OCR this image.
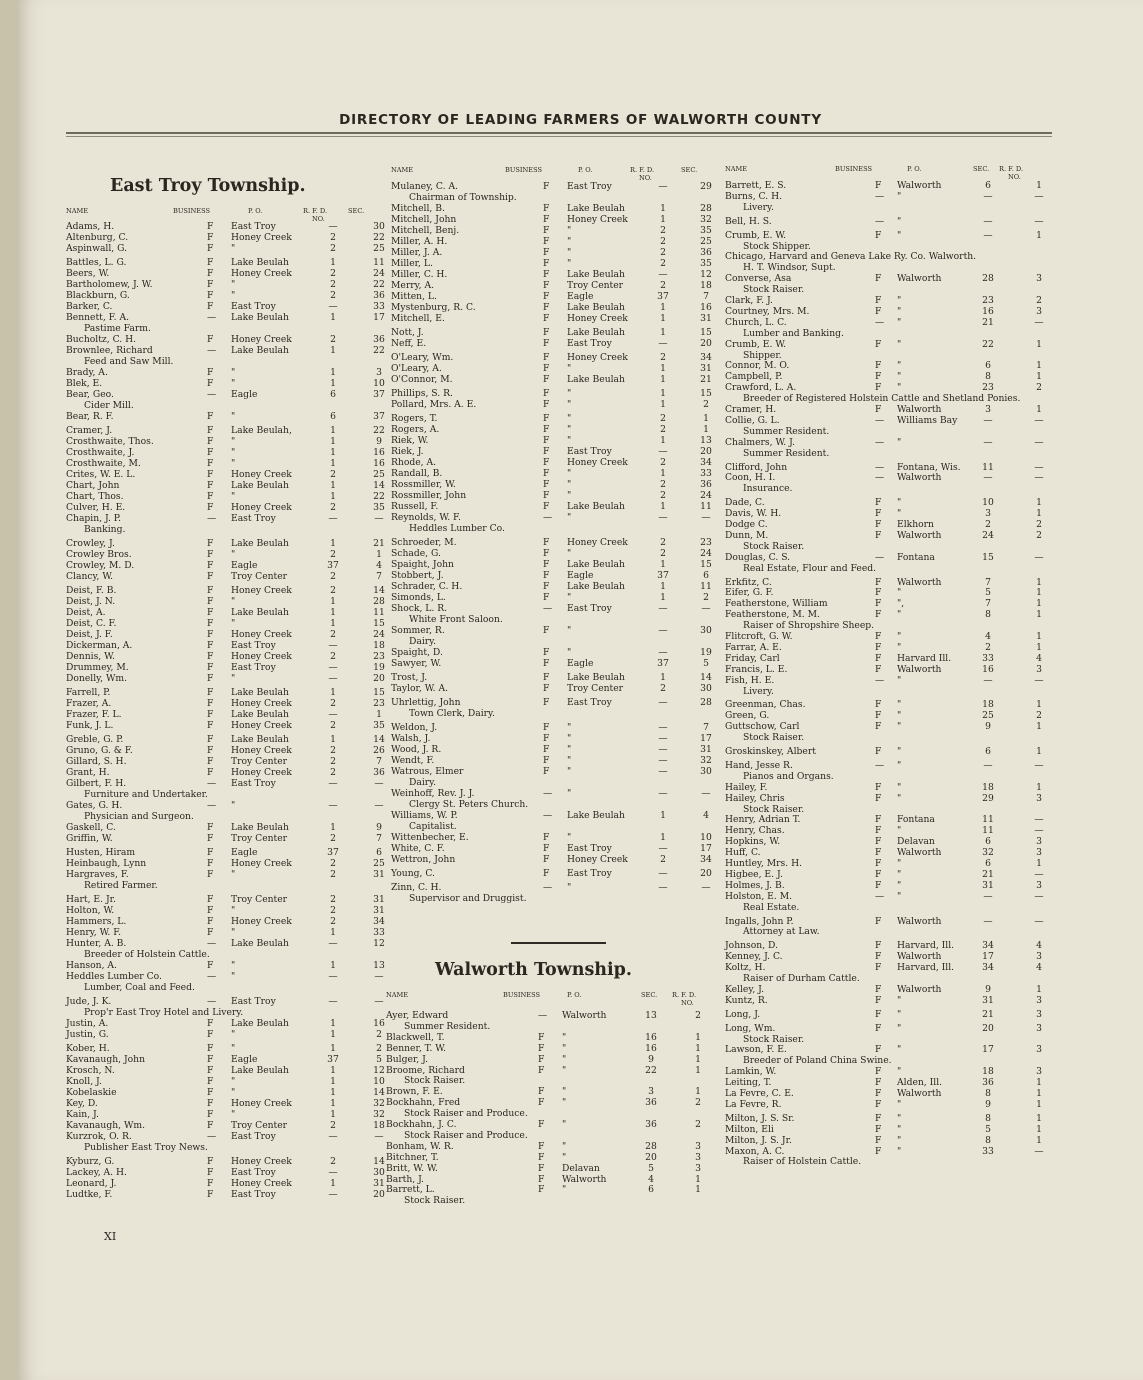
DIRECTORY OF LEADING FARMERS OF WALWORTH COUNTY
East Troy Township.
Walworth Township.
NAME	BUSINESS	P. O.	R. F. D.	SEC.
NO.
NAME	BUSINESS	P. O.	R. F. D.	SEC.
NO.
NAME	BUSINESS	P. O.	SEC. R. F. D.
NO.
NAME	BUSINESS	P. O.	SEC. R. F. D.
NO.
Adams, H.	F East Troy	—	30
Altenburg, C.	F Honey Creek	2	22
Aspinwall, G.	F "	2	25
Battles, L. G.	F Lake Beulah	1	11
Beers, W.	F Honey Creek	2	24
Bartholomew, J. W.	F "	2	22
Blackburn, G.	F "	2	36
Barker, C.	F East Troy	—	33
Bennett, F. A.	— Lake Beulah	1	17
Pastime Farm.
Bucholtz, C. H.	F Honey Creek	2	36
Brownlee, Richard	— Lake Beulah	1	22
Feed and Saw Mill.
Brady, A.	F "	1	3
Blek, E.	F "	1	10
Bear, Geo.	— Eagle	6	37
Cider Mill.
Bear, R. F.	F "	6	37
Cramer, J.	F Lake Beulah,	1	22
Crosthwaite, Thos.	F "	1	9
Crosthwaite, J.	F "	1	16
Crosthwaite, M.	F "	1	16
Crites, W. E. L.	F Honey Creek	2	25
Chart, John	F Lake Beulah	1	14
Chart, Thos.	F "	1	22
Culver, H. E.	F Honey Creek	2	35
Chapin, J. P.	— East Troy	—	—
Banking.
Crowley, J.	F Lake Beulah	1	21
Crowley Bros.	F "	2	1
Crowley, M. D.	F Eagle	37	4
Clancy, W.	F Troy Center	2	7
Deist, F. B.	F Honey Creek	2	14
Deist, J. N.	F "	1	28
Deist, A.	F Lake Beulah	1	11
Deist, C. F.	F "	1	15
Deist, J. F.	F Honey Creek	2	24
Dickerman, A.	F East Troy	—	18
Dennis, W.	F Honey Creek	2	23
Drummey, M.	F East Troy	—	19
Donelly, Wm.	F "	—	20
Farrell, P.	F Lake Beulah	1	15
Frazer, A.	F Honey Creek	2	23
Frazer, F. L.	F Lake Beulah	—	1
Funk, J. L.	F Honey Creek	2	35
Greble, G. P.	F Lake Beulah	1	14
Gruno, G. & F.	F Honey Creek	2	26
Gillard, S. H.	F Troy Center	2	7
Grant, H.	F Honey Creek	2	36
Gilbert, F. H.	— East Troy	—	—
Furniture and Undertaker.
Gates, G. H.	— "	—	—
Physician and Surgeon.
Gaskell, C.	F Lake Beulah	1	9
Griffin, W.	F Troy Center	2	7
Husten, Hiram	F Eagle	37	6
Heinbaugh, Lynn	F Honey Creek	2	25
Hargraves, F.	F "	2	31
Retired Farmer.
Hart, E. Jr.	F Troy Center	2	31
Holton, W.	F "	2	31
Hammers, L.	F Honey Creek	2	34
Henry, W. F.	F "	1	33
Hunter, A. B.	— Lake Beulah	—	12
Breeder of Holstein Cattle.
Hanson, A.	F "	1	13
Heddles Lumber Co.	— "	—	—
Lumber, Coal and Feed.
Jude, J. K.	— East Troy	—	—
Prop'r East Troy Hotel and Livery.
Justin, A.	F Lake Beulah	1	16
Justin, G.	F "	1	2
Kober, H.	F "	1	2
Kavanaugh, John	F Eagle	37	5
Krosch, N.	F Lake Beulah	1	12
Knoll, J.	F "	1	10
Kobelaskie	F "	1	14
Key, D.	F Honey Creek	1	32
Kain, J.	F "	1	32
Kavanaugh, Wm.	F Troy Center	2	18
Kurzrok, O. R.	— East Troy	—	—
Publisher East Troy News.
Kyburz, G.	F Honey Creek	2	14
Lackey, A. H.	F East Troy	—	30
Leonard, J.	F Honey Creek	1	31
Ludtke, F.	F East Troy	—	20
Mulaney, C. A.	F East Troy	—	29
Chairman of Township.
Mitchell, B.	F Lake Beulah	1	28
Mitchell, John	F Honey Creek	1	32
Mitchell, Benj.	F "	2	35
Miller, A. H.	F "	2	25
Miller, J. A.	F "	2	36
Miller, L.	F "	2	35
Miller, C. H.	F Lake Beulah	—	12
Merry, A.	F Troy Center	2	18
Mitten, L.	F Eagle	37	7
Mystenburg, R. C.	F Lake Beulah	1	16
Mitchell, E.	F Honey Creek	1	31
Nott, J.	F Lake Beulah	1	15
Neff, E.	F East Troy	—	20
O'Leary, Wm.	F Honey Creek	2	34
O'Leary, A.	F "	1	31
O'Connor, M.	F Lake Beulah	1	21
Phillips, S. R.	F "	1	15
Pollard, Mrs. A. E.	F "	1	2
Rogers, T.	F "	2	1
Rogers, A.	F "	2	1
Riek, W.	F "	1	13
Riek, J.	F East Troy	—	20
Rhode, A.	F Honey Creek	2	34
Randall, B.	F "	1	33
Rossmiller, W.	F "	2	36
Rossmiller, John	F "	2	24
Russell, F.	F Lake Beulah	1	11
Reynolds, W. F.	— "	—	—
Heddles Lumber Co.
Schroeder, M.	F Honey Creek	2	23
Schade, G.	F "	2	24
Spaight, John	F Lake Beulah	1	15
Stobbert, J.	F Eagle	37	6
Schrader, C. H.	F Lake Beulah	1	11
Simonds, L.	F "	1	2
Shock, L. R.	— East Troy	—	—
White Front Saloon.
Sommer, R.	F "	—	30
Dairy.
Spaight, D.	F "	—	19
Sawyer, W.	F Eagle	37	5
Trost, J.	F Lake Beulah	1	14
Taylor, W. A.	F Troy Center	2	30
Uhrlettig, John	F East Troy	—	28
Town Clerk, Dairy.
Weldon, J.	F "	—	7
Walsh, J.	F "	—	17
Wood, J. R.	F "	—	31
Wendt, F.	F "	—	32
Watrous, Elmer	F "	—	30
Dairy.
Weinhoff, Rev. J. J.	— "	—	—
Clergy St. Peters Church.
Williams, W. P.	— Lake Beulah	1	4
Capitalist.
Wittenbecher, E.	F "	1	10
White, C. F.	F East Troy	—	17
Wettron, John	F Honey Creek	2	34
Young, C.	F East Troy	—	20
Zinn, C. H.	— "	—	—
Supervisor and Druggist.
Ayer, Edward	— Walworth	13	2
Summer Resident.
Blackwell, T.	F "	16	1
Benner, T. W.	F "	16	1
Bulger, J.	F "	9	1
Broome, Richard	F "	22	1
Stock Raiser.
Brown, F. E.	F "	3	1
Bockhahn, Fred	F "	36	2
Stock Raiser and Produce.
Bockhahn, J. C.	F "	36	2
Stock Raiser and Produce.
Bonham, W. R.	F "	28	3
Bitchner, T.	F "	20	3
Britt, W. W.	F Delavan	5	3
Barth, J.	F Walworth	4	1
Barrett, L.	F "	6	1
Stock Raiser.
Barrett, E. S.	F Walworth	6	1
Burns, C. H.	— "	—	—
Livery.
Bell, H. S.	— "	—	—
Crumb, E. W.	F "	—	1
Stock Shipper.
Chicago, Harvard and Geneva Lake Ry. Co. Walworth.
H. T. Windsor, Supt.
Converse, Asa	F Walworth	28	3
Stock Raiser.
Clark, F. J.	F "	23	2
Courtney, Mrs. M.	F "	16	3
Church, L. C.	— "	21	—
Lumber and Banking.
Crumb, E. W.	F "	22	1
Shipper.
Connor, M. O.	F "	6	1
Campbell, P.	F "	8	1
Crawford, L. A.	F "	23	2
Breeder of Registered Holstein Cattle and Shetland Ponies.
Cramer, H.	F Walworth	3	1
Collie, G. L.	— Williams Bay	—	—
Summer Resident.
Chalmers, W. J.	— "	—	—
Summer Resident.
Clifford, John	— Fontana, Wis.	11	—
Coon, H. I.	— Walworth	—	—
Insurance.
Dade, C.	F "	10	1
Davis, W. H.	F "	3	1
Dodge C.	F Elkhorn	2	2
Dunn, M.	F Walworth	24	2
Stock Raiser.
Douglas, C. S.	— Fontana	15	—
Real Estate, Flour and Feed.
Erkfitz, C.	F Walworth	7	1
Eifer, G. F.	F "	5	1
Featherstone, William	F ",	7	1
Featherstone, M. M.	F "	8	1
Raiser of Shropshire Sheep.
Flitcroft, G. W.	F "	4	1
Farrar, A. E.	F "	2	1
Friday, Carl	F Harvard Ill.	33	4
Francis, L. E.	F Walworth	16	3
Fish, H. E.	— "	—	—
Livery.
Greenman, Chas.	F "	18	1
Green, G.	F "	25	2
Guttschow, Carl	F "	9	1
Stock Raiser.
Groskinskey, Albert	F "	6	1
Hand, Jesse R.	— "	—	—
Pianos and Organs.
Hailey, F.	F "	18	1
Hailey, Chris	F "	29	3
Stock Raiser.
Henry, Adrian T.	F Fontana	11	—
Henry, Chas.	F "	11	—
Hopkins, W.	F Delavan	6	3
Huff, C.	F Walworth	32	3
Huntley, Mrs. H.	F "	6	1
Higbee, E. J.	F "	21	—
Holmes, J. B.	F "	31	3
Holston, E. M.	— "	—	—
Real Estate.
Ingalls, John P.	F Walworth	—	—
Attorney at Law.
Johnson, D.	F Harvard, Ill.	34	4
Kenney, J. C.	F Walworth	17	3
Koltz, H.	F Harvard, Ill.	34	4
Raiser of Durham Cattle.
Kelley, J.	F Walworth	9	1
Kuntz, R.	F "	31	3
Long, J.	F "	21	3
Long, Wm.	F "	20	3
Stock Raiser.
Lawson, F. E.	F "	17	3
Breeder of Poland China Swine.
Lamkin, W.	F "	18	3
Leiting, T.	F Alden, Ill.	36	1
La Fevre, C. E.	F Walworth	8	1
La Fevre, R.	F "	9	1
Milton, J. S. Sr.	F "	8	1
Milton, Eli	F "	5	1
Milton, J. S. Jr.	F "	8	1
Maxon, A. C.	F "	33	—
Raiser of Holstein Cattle.
XI
